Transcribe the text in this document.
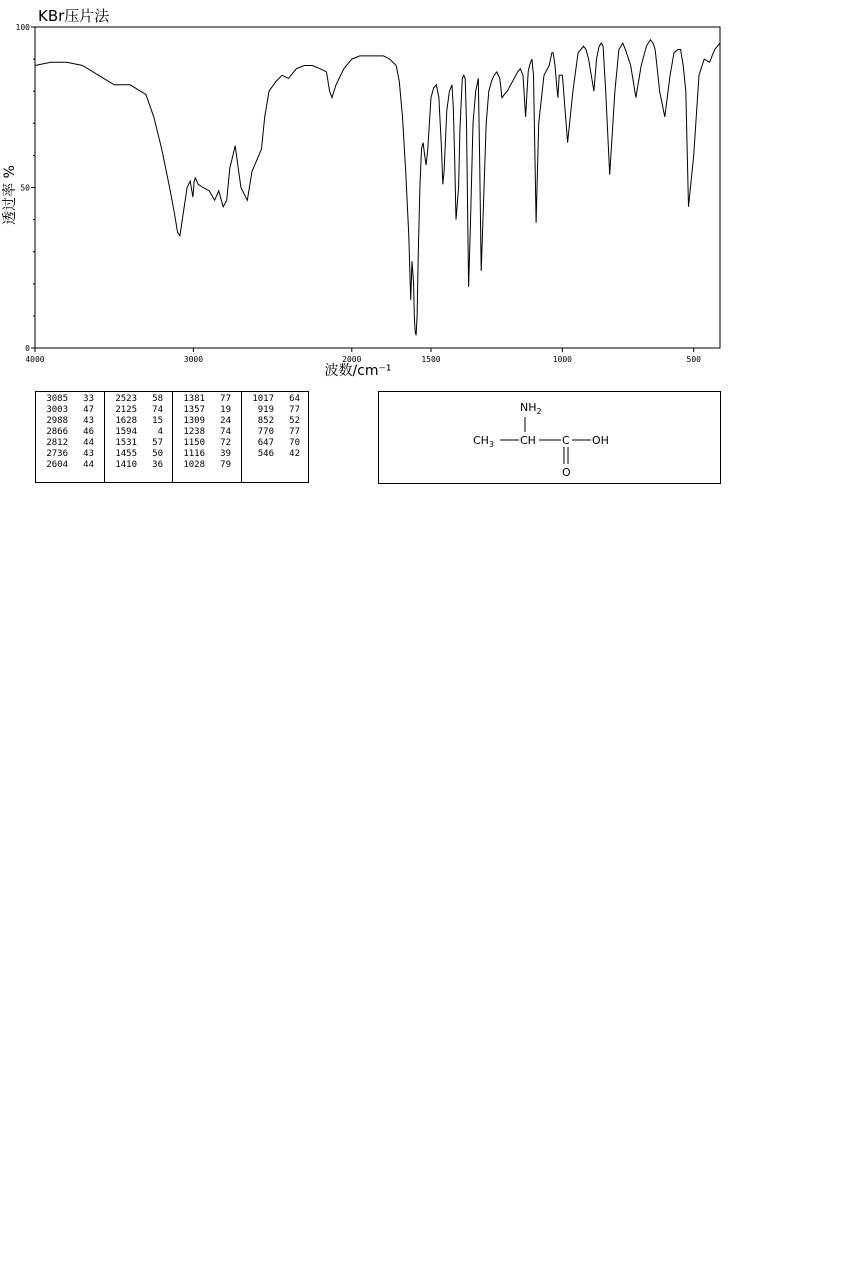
KBr压片法
4000	3000	2000	1500	1000	500
0
50
100
波数/cm⁻¹
透过率 %
3085 33
3003 47
2988 43
2866 46
2812 44
2736 43
2604 44
2523 58
2125 74
1628 15
1594 4
1531 57
1455 50
1410 36
1381 77
1357 19
1309 24
1238 74
1150 72
1116 39
1028 79
1017 64
919 77
852 52
770 77
647 70
546 42
$NH_2$
$CH_3$ CH C OH
O
